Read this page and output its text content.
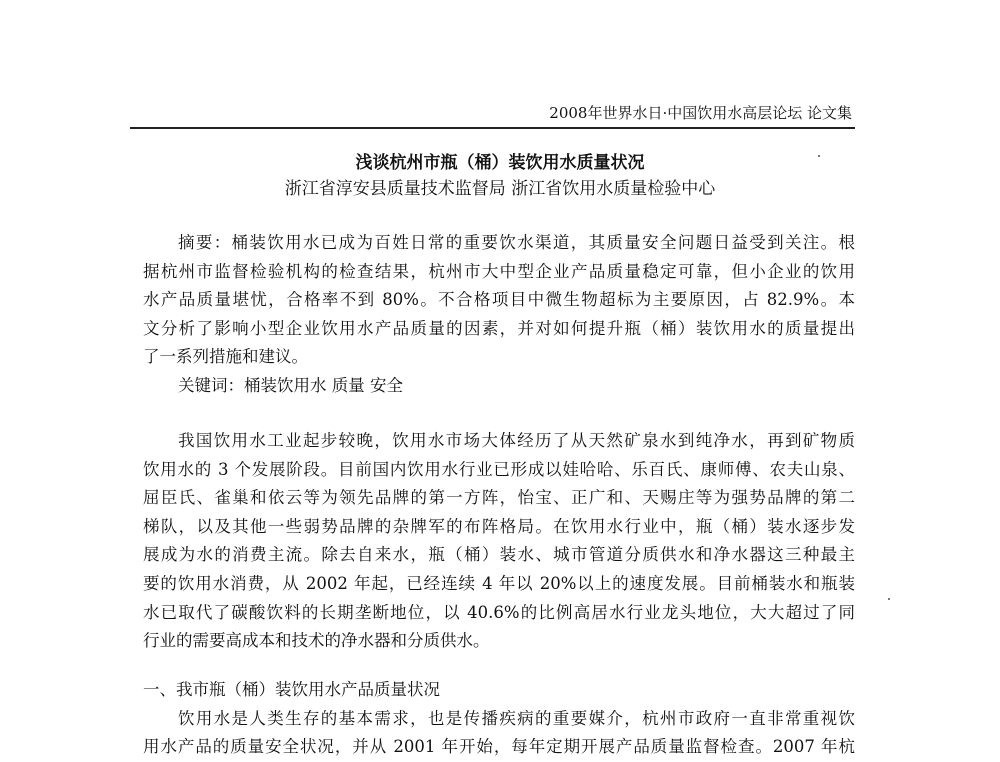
2008年世界水日·中国饮用水高层论坛 论文集
浅谈杭州市瓶（桶）装饮用水质量状况
浙江省淳安县质量技术监督局 浙江省饮用水质量检验中心
摘要：桶装饮用水已成为百姓日常的重要饮水渠道，其质量安全问题日益受到关注。根
据杭州市监督检验机构的检查结果，杭州市大中型企业产品质量稳定可靠，但小企业的饮用
水产品质量堪忧，合格率不到 80%。不合格项目中微生物超标为主要原因，占 82.9%。本
文分析了影响小型企业饮用水产品质量的因素，并对如何提升瓶（桶）装饮用水的质量提出
了一系列措施和建议。
关键词：桶装饮用水 质量 安全
我国饮用水工业起步较晚，饮用水市场大体经历了从天然矿泉水到纯净水，再到矿物质
饮用水的 3 个发展阶段。目前国内饮用水行业已形成以娃哈哈、乐百氏、康师傅、农夫山泉、
屈臣氏、雀巢和依云等为领先品牌的第一方阵，怡宝、正广和、天赐庄等为强势品牌的第二
梯队，以及其他一些弱势品牌的杂牌军的布阵格局。在饮用水行业中，瓶（桶）装水逐步发
展成为水的消费主流。除去自来水，瓶（桶）装水、城市管道分质供水和净水器这三种最主
要的饮用水消费，从 2002 年起，已经连续 4 年以 20%以上的速度发展。目前桶装水和瓶装
水已取代了碳酸饮料的长期垄断地位，以 40.6%的比例高居水行业龙头地位，大大超过了同
行业的需要高成本和技术的净水器和分质供水。
一、我市瓶（桶）装饮用水产品质量状况
饮用水是人类生存的基本需求，也是传播疾病的重要媒介，杭州市政府一直非常重视饮
用水产品的质量安全状况，并从 2001 年开始，每年定期开展产品质量监督检查。2007 年杭
